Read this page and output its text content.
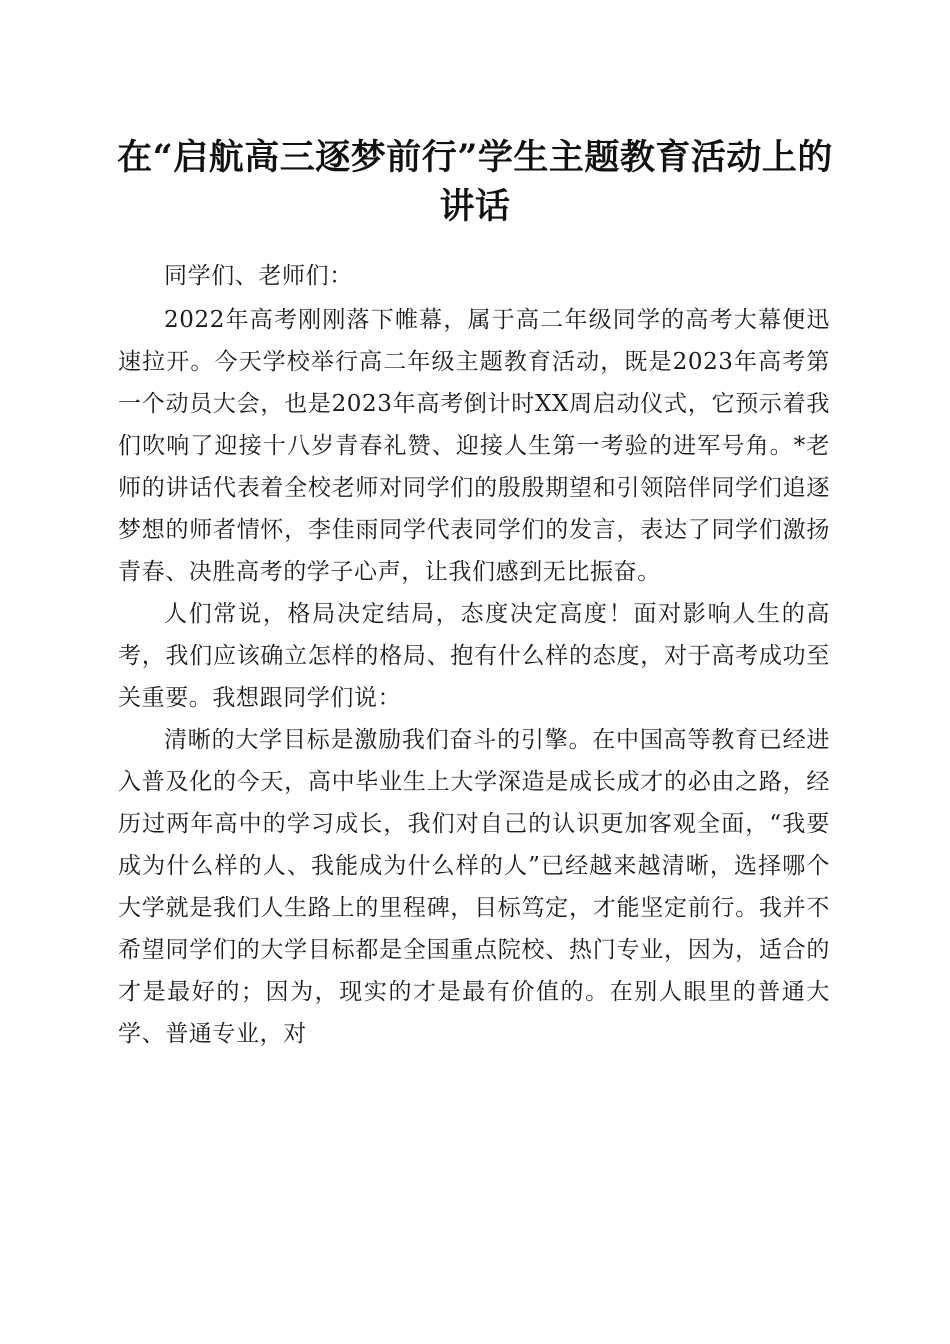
在“启航高三逐梦前行”学生主题教育活动上的讲话

同学们、老师们：

2022年高考刚刚落下帷幕，属于高二年级同学的高考大幕便迅速拉开。今天学校举行高二年级主题教育活动，既是2023年高考第一个动员大会，也是2023年高考倒计时XX周启动仪式，它预示着我们吹响了迎接十八岁青春礼赞、迎接人生第一考验的进军号角。*老师的讲话代表着全校老师对同学们的殷殷期望和引领陪伴同学们追逐梦想的师者情怀，李佳雨同学代表同学们的发言，表达了同学们激扬青春、决胜高考的学子心声，让我们感到无比振奋。

人们常说，格局决定结局，态度决定高度！面对影响人生的高考，我们应该确立怎样的格局、抱有什么样的态度，对于高考成功至关重要。我想跟同学们说：

清晰的大学目标是激励我们奋斗的引擎。在中国高等教育已经进入普及化的今天，高中毕业生上大学深造是成长成才的必由之路，经历过两年高中的学习成长，我们对自己的认识更加客观全面，“我要成为什么样的人、我能成为什么样的人”已经越来越清晰，选择哪个大学就是我们人生路上的里程碑，目标笃定，才能坚定前行。我并不希望同学们的大学目标都是全国重点院校、热门专业，因为，适合的才是最好的；因为，现实的才是最有价值的。在别人眼里的普通大学、普通专业，对
